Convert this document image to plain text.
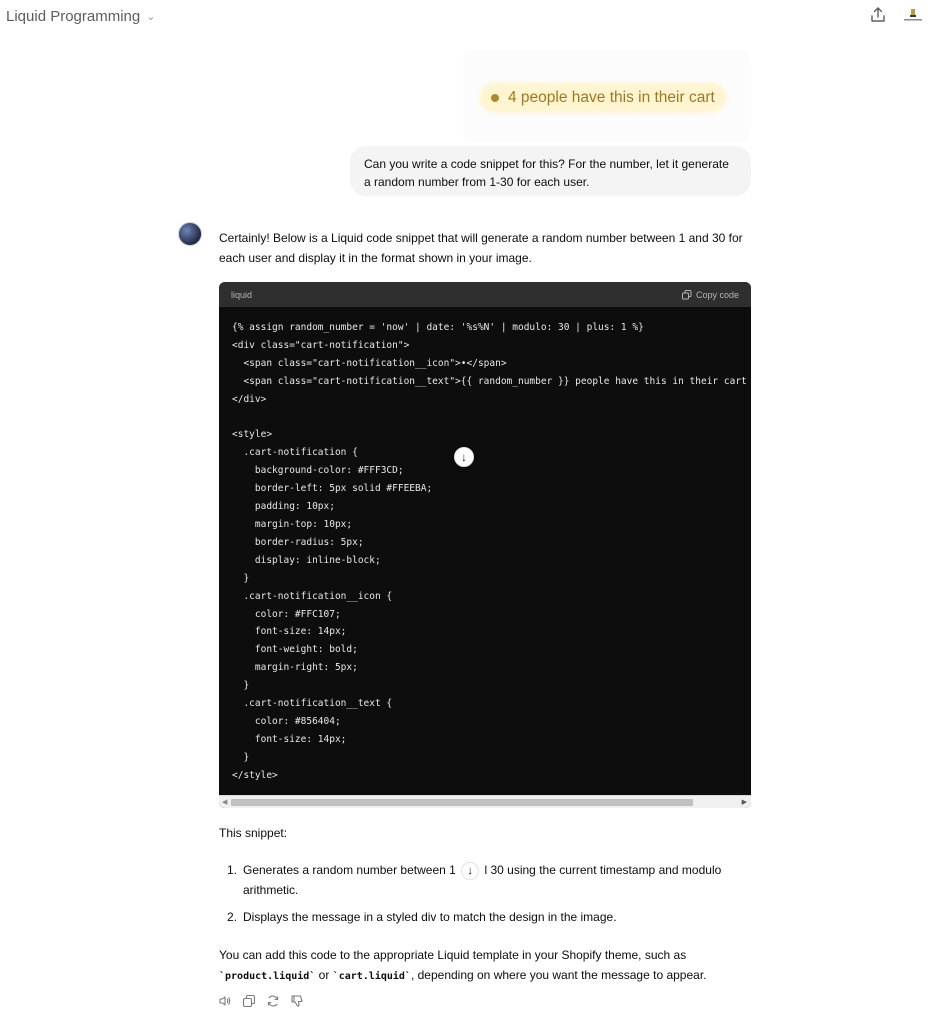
Liquid Programming ⌄
4 people have this in their cart
Can you write a code snippet for this? For the number, let it generate a random number from 1-30 for each user.
Certainly! Below is a Liquid code snippet that will generate a random number between 1 and 30 for each user and display it in the format shown in your image.
liquid	Copy code
{% assign random_number = 'now' | date: '%s%N' | modulo: 30 | plus: 1 %}
<div class="cart-notification">
<span class="cart-notification__icon">•</span>
<span class="cart-notification__text">{{ random_number }} people have this in their cart
</div>

<style>
.cart-notification {
background-color: #FFF3CD;
border-left: 5px solid #FFEEBA;
padding: 10px;
margin-top: 10px;
border-radius: 5px;
display: inline-block;
}
.cart-notification__icon {
color: #FFC107;
font-size: 14px;
font-weight: bold;
margin-right: 5px;
}
.cart-notification__text {
color: #856404;
font-size: 14px;
}
</style>
◀	▶
↓
This snippet:
1. Generates a random number between 1 ↓ l 30 using the current timestamp and modulo arithmetic.
2. Displays the message in a styled div to match the design in the image.
You can add this code to the appropriate Liquid template in your Shopify theme, such as
`product.liquid` or `cart.liquid`, depending on where you want the message to appear.
